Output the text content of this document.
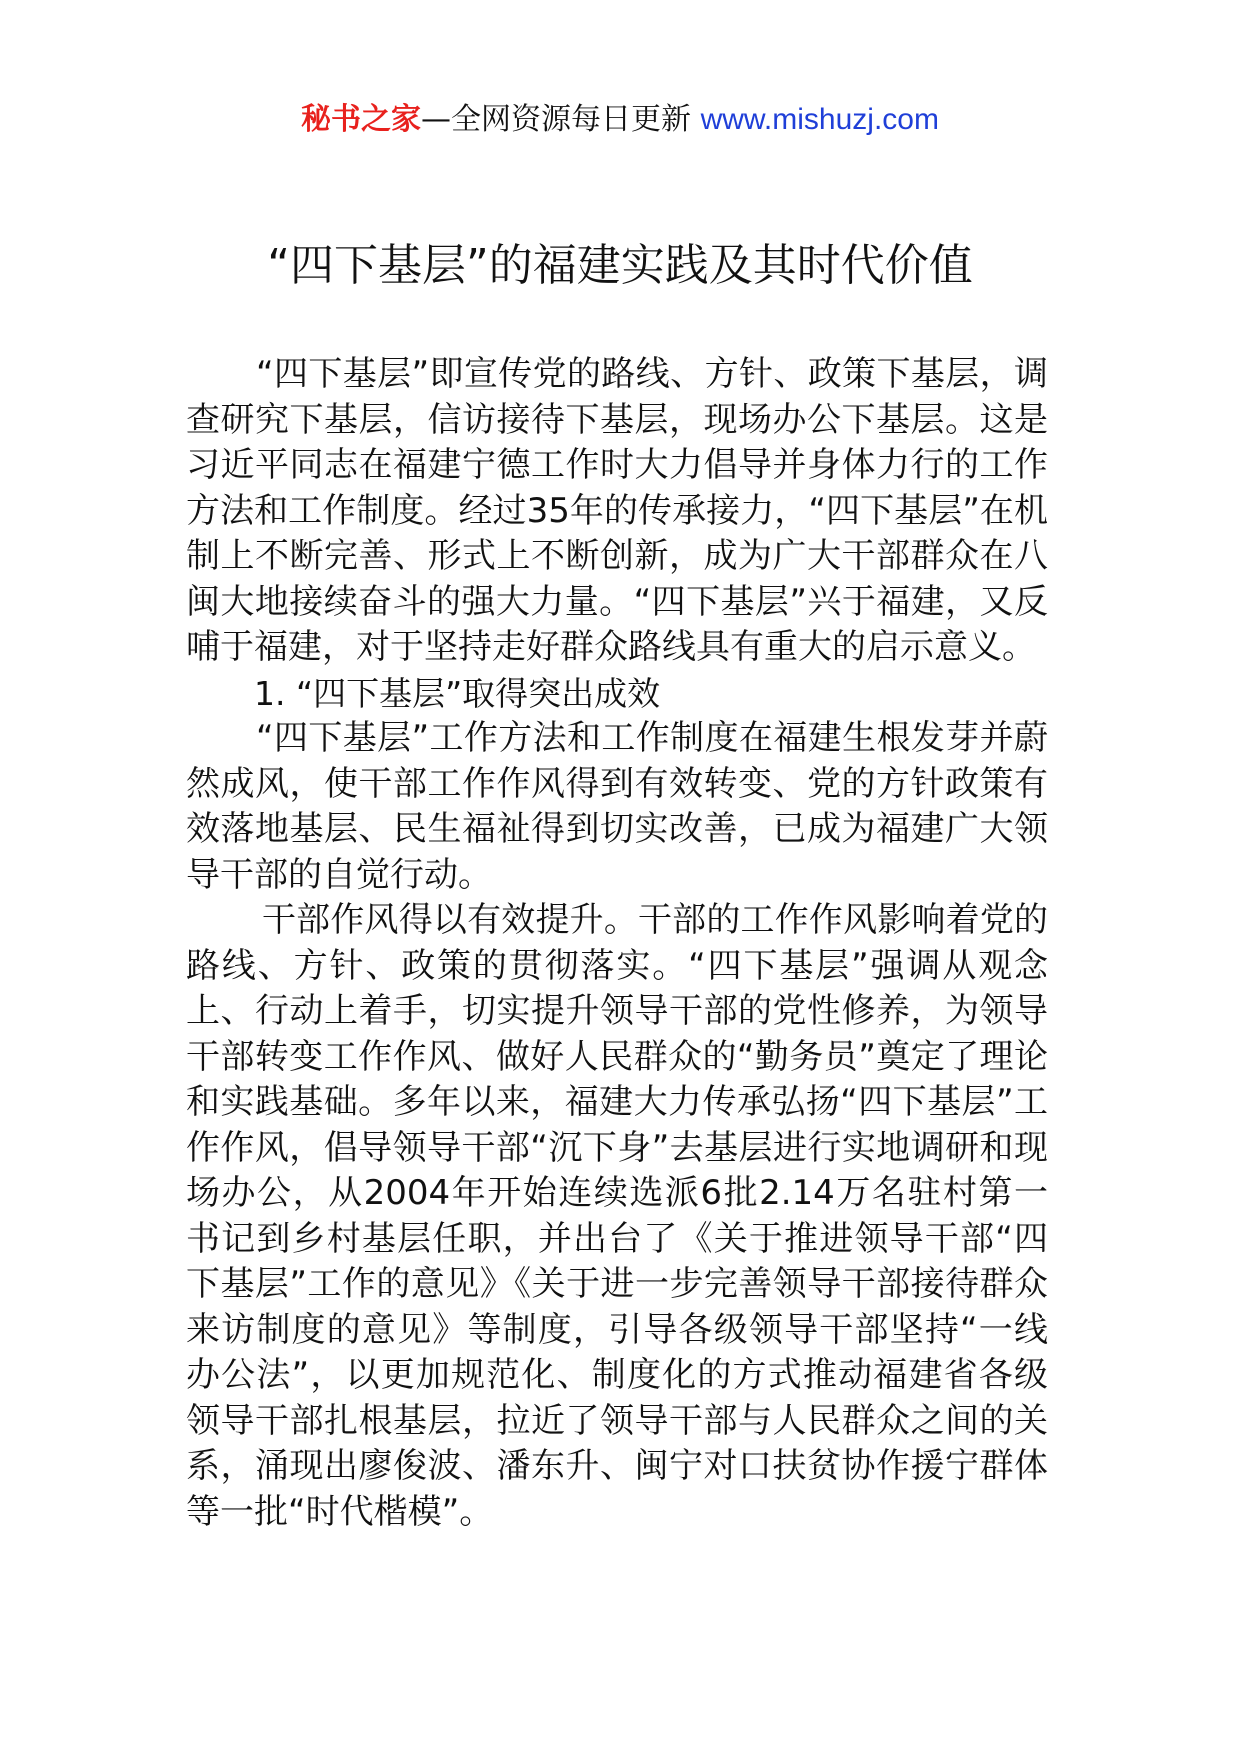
秘书之家—全网资源每日更新 www.mishuzj.com
“四下基层”的福建实践及其时代价值

“四下基层”即宣传党的路线、方针、政策下基层，调查研究下基层，信访接待下基层，现场办公下基层。这是习近平同志在福建宁德工作时大力倡导并身体力行的工作方法和工作制度。经过35年的传承接力，“四下基层”在机制上不断完善、形式上不断创新，成为广大干部群众在八闽大地接续奋斗的强大力量。“四下基层”兴于福建，又反哺于福建，对于坚持走好群众路线具有重大的启示意义。

1. “四下基层”取得突出成效

“四下基层”工作方法和工作制度在福建生根发芽并蔚然成风，使干部工作作风得到有效转变、党的方针政策有效落地基层、民生福祉得到切实改善，已成为福建广大领导干部的自觉行动。

干部作风得以有效提升。干部的工作作风影响着党的路线、方针、政策的贯彻落实。“四下基层”强调从观念上、行动上着手，切实提升领导干部的党性修养，为领导干部转变工作作风、做好人民群众的“勤务员”奠定了理论和实践基础。多年以来，福建大力传承弘扬“四下基层”工作作风，倡导领导干部“沉下身”去基层进行实地调研和现场办公，从2004年开始连续选派6批2.14万名驻村第一书记到乡村基层任职，并出台了《关于推进领导干部“四下基层”工作的意见》《关于进一步完善领导干部接待群众来访制度的意见》等制度，引导各级领导干部坚持“一线办公法”，以更加规范化、制度化的方式推动福建省各级领导干部扎根基层，拉近了领导干部与人民群众之间的关系，涌现出廖俊波、潘东升、闽宁对口扶贫协作援宁群体等一批“时代楷模”。
